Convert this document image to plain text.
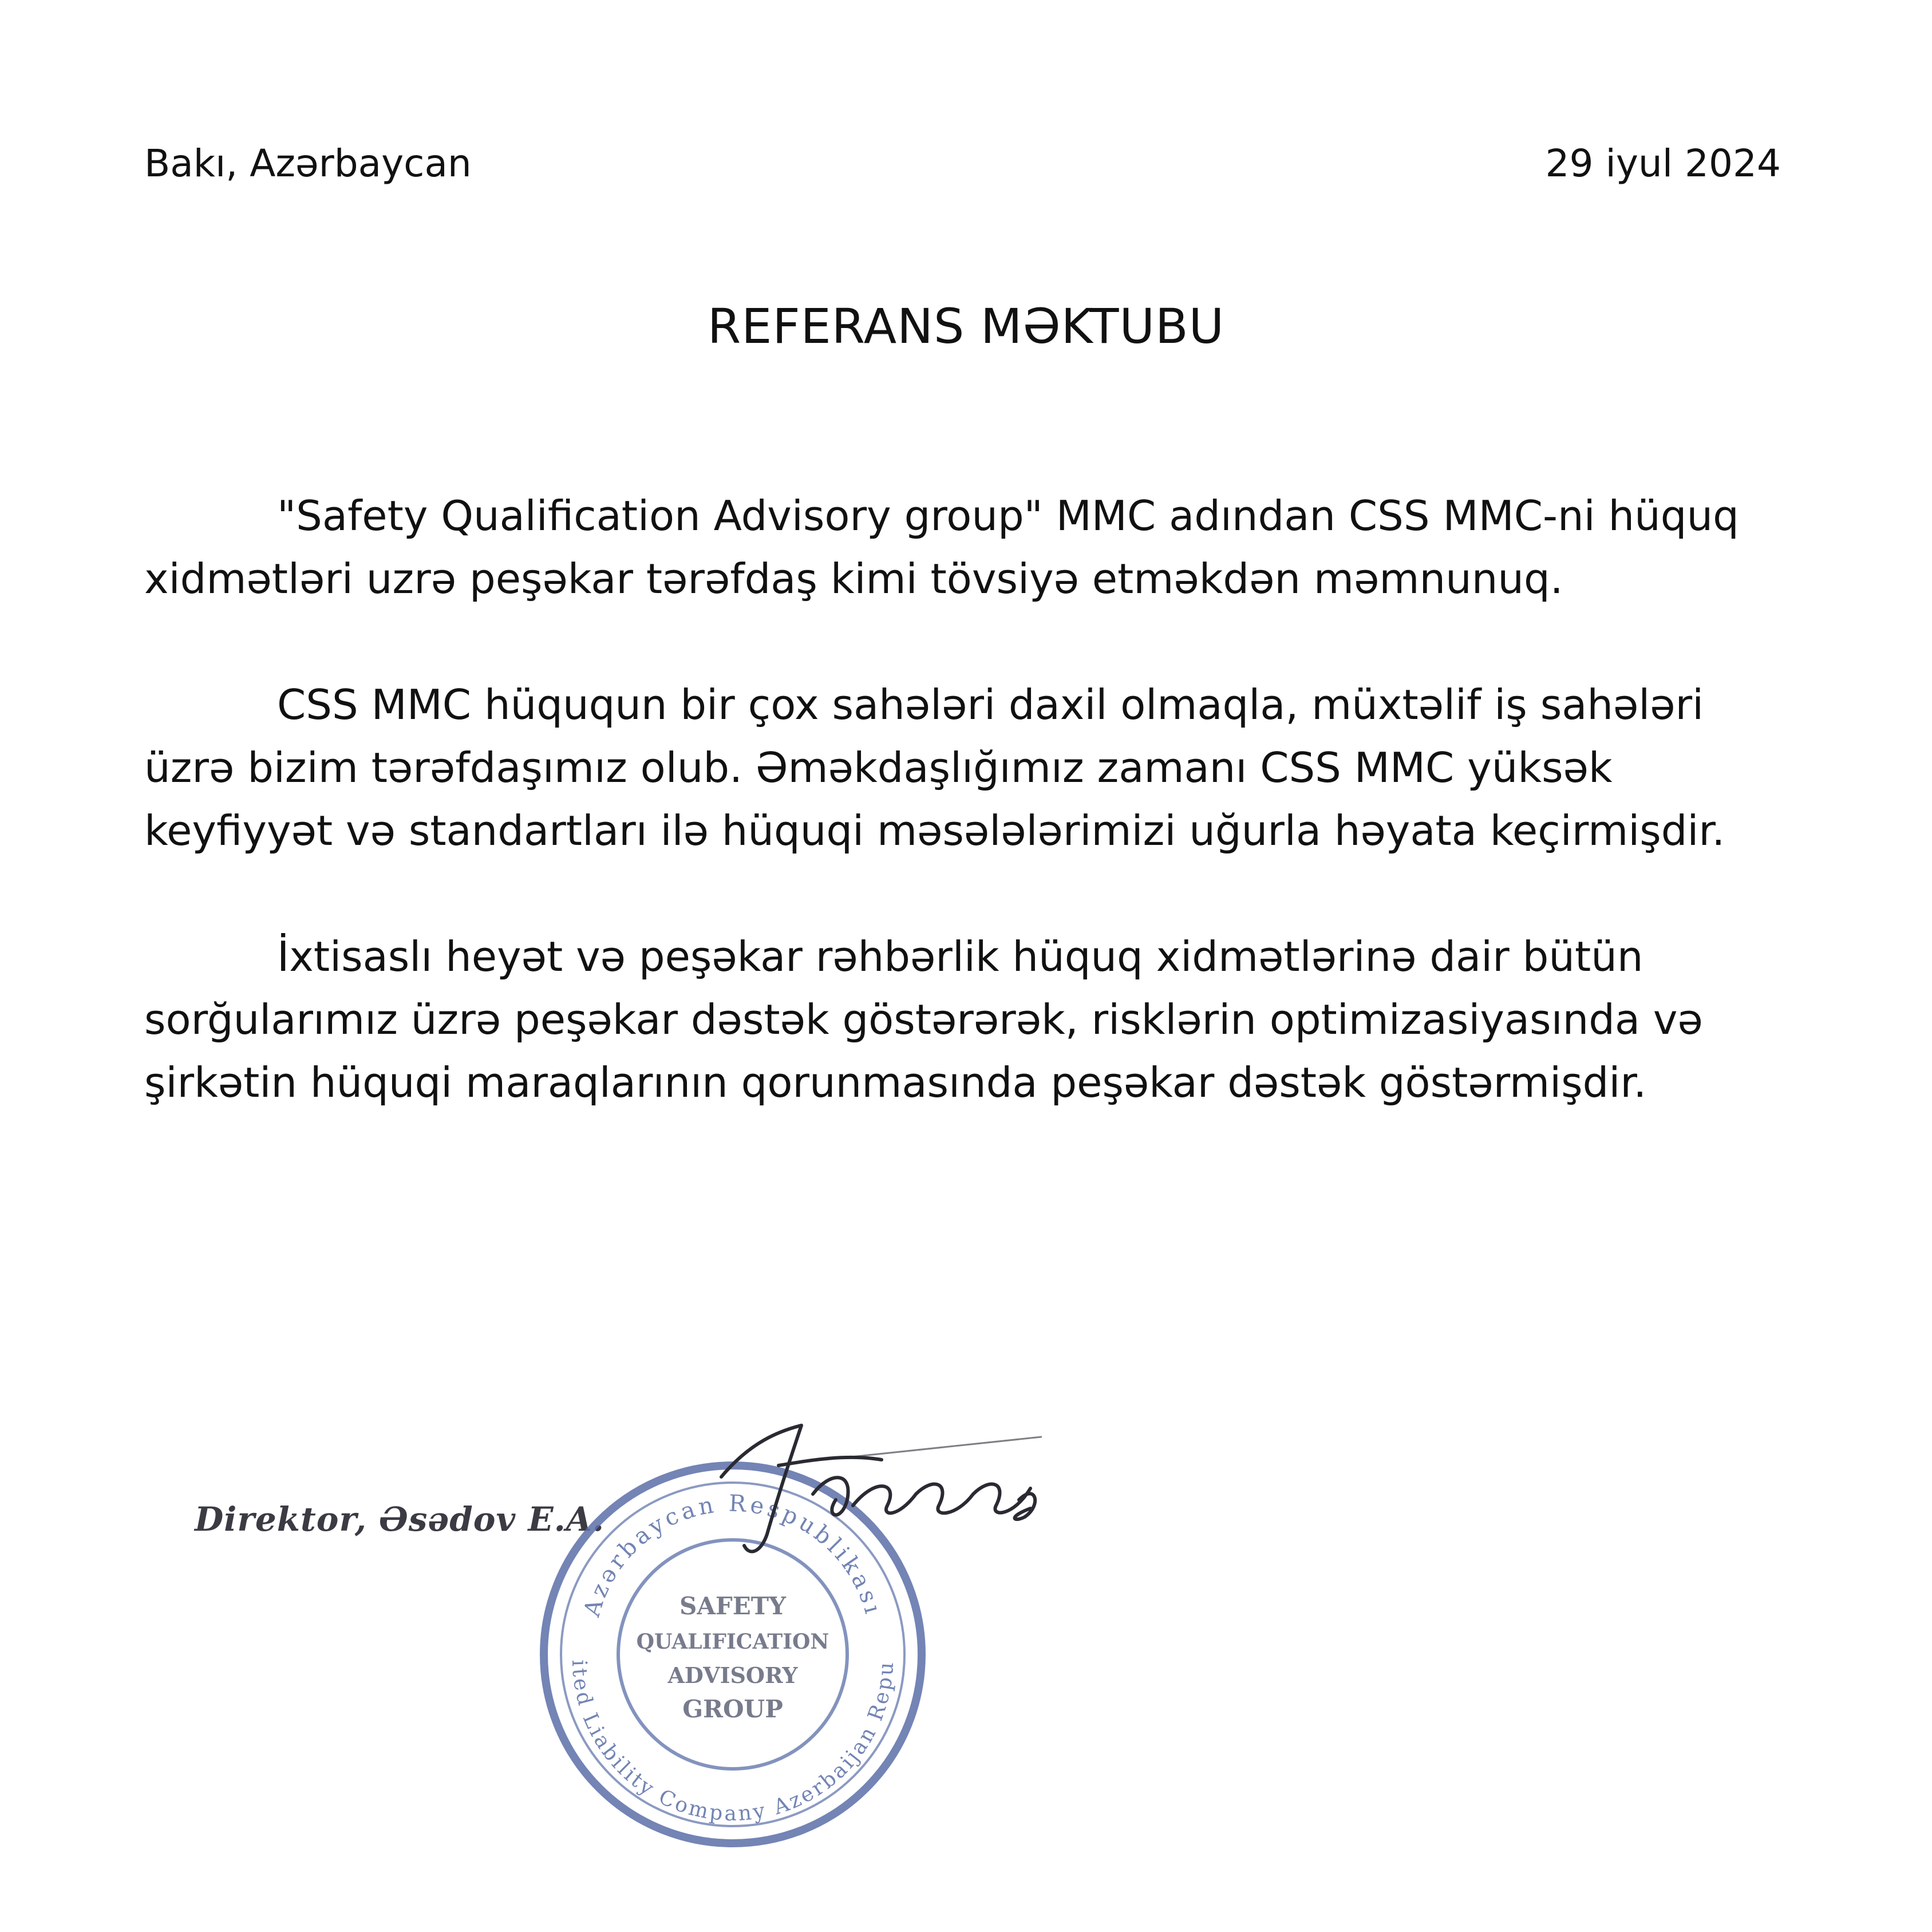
Bakı, Azərbaycan	29 iyul 2024
REFERANS MƏKTUBU

"Safety Qualification Advisory group" MMC adından CSS MMC-ni hüquq xidmətləri uzrə peşəkar tərəfdaş kimi tövsiyə etməkdən məmnunuq.

CSS MMC hüququn bir çox sahələri daxil olmaqla, müxtəlif iş sahələri üzrə bizim tərəfdaşımız olub. Əməkdaşlığımız zamanı CSS MMC yüksək keyfiyyət və standartları ilə hüquqi məsələlərimizi uğurla həyata keçirmişdir.

İxtisaslı heyət və peşəkar rəhbərlik hüquq xidmətlərinə dair bütün sorğularımız üzrə peşəkar dəstək göstərərək, risklərin optimizasiyasında və şirkətin hüquqi maraqlarının qorunmasında peşəkar dəstək göstərmişdir.

Direktor, Əsədov E.A.
Azərbaycan Respublikası
ited Liability Company Azerbaijan Repu
SAFETY
QUALIFICATION
ADVISORY
GROUP
